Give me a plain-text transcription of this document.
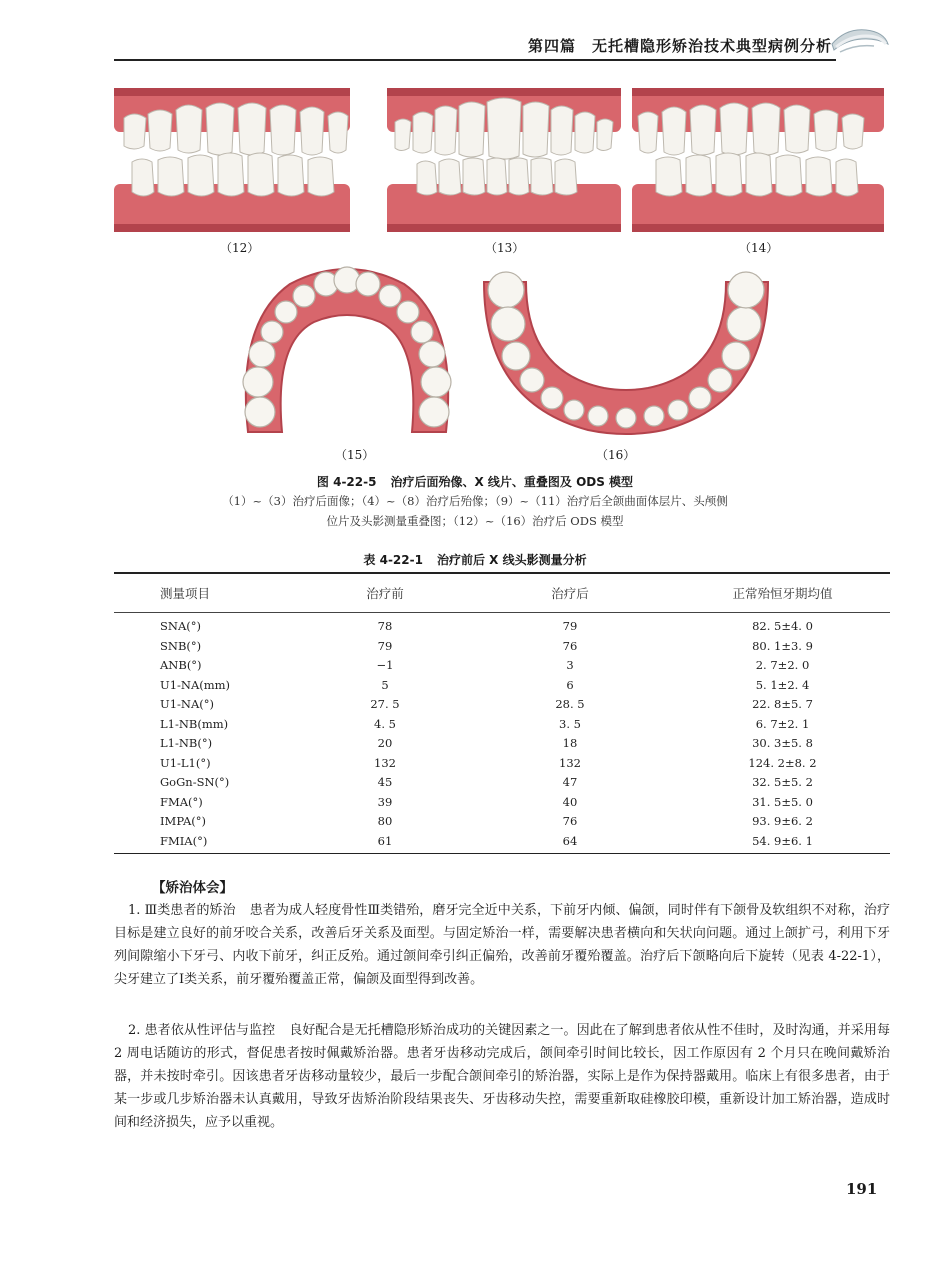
第四篇　无托槽隐形矫治技术典型病例分析
（12）	（13）	（14）
（15）	（16）
图 4-22-5 治疗后面殆像、X 线片、重叠图及 ODS 模型
（1）~（3）治疗后面像；（4）~（8）治疗后殆像；（9）~（11）治疗后全颌曲面体层片、头颅侧
位片及头影测量重叠图；（12）~（16）治疗后 ODS 模型
表 4-22-1 治疗前后 X 线头影测量分析
测量项目	治疗前	治疗后	正常殆恒牙期均值
SNA(°)	78	79	82. 5±4. 0
SNB(°)	79	76	80. 1±3. 9
ANB(°)	−1	3	2. 7±2. 0
U1-NA(mm)	5	6	5. 1±2. 4
U1-NA(°)	27. 5	28. 5	22. 8±5. 7
L1-NB(mm)	4. 5	3. 5	6. 7±2. 1
L1-NB(°)	20	18	30. 3±5. 8
U1-L1(°)	132	132	124. 2±8. 2
GoGn-SN(°)	45	47	32. 5±5. 2
FMA(°)	39	40	31. 5±5. 0
IMPA(°)	80	76	93. 9±6. 2
FMIA(°)	61	64	54. 9±6. 1
【矫治体会】
1. Ⅲ类患者的矫治 患者为成人轻度骨性Ⅲ类错殆，磨牙完全近中关系，下前牙内倾、偏颌，同时伴有下颌骨及软组织不对称，治疗目标是建立良好的前牙咬合关系，改善后牙关系及面型。与固定矫治一样，需要解决患者横向和矢状向问题。通过上颌扩弓，利用下牙列间隙缩小下牙弓、内收下前牙，纠正反殆。通过颌间牵引纠正偏殆，改善前牙覆殆覆盖。治疗后下颌略向后下旋转（见表 4-22-1），尖牙建立了Ⅰ类关系，前牙覆殆覆盖正常，偏颌及面型得到改善。
2. 患者依从性评估与监控 良好配合是无托槽隐形矫治成功的关键因素之一。因此在了解到患者依从性不佳时，及时沟通，并采用每 2 周电话随访的形式，督促患者按时佩戴矫治器。患者牙齿移动完成后，颌间牵引时间比较长，因工作原因有 2 个月只在晚间戴矫治器，并未按时牵引。因该患者牙齿移动量较少，最后一步配合颌间牵引的矫治器，实际上是作为保持器戴用。临床上有很多患者，由于某一步或几步矫治器未认真戴用，导致牙齿矫治阶段结果丧失、牙齿移动失控，需要重新取硅橡胶印模，重新设计加工矫治器，造成时间和经济损失，应予以重视。
191
